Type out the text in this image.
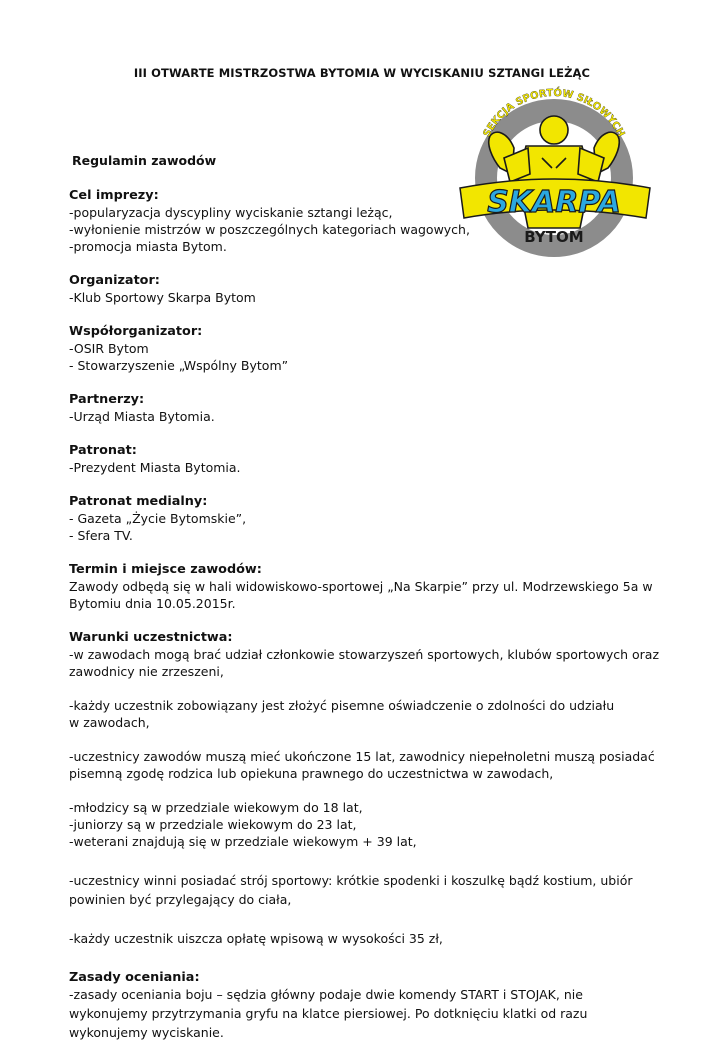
III OTWARTE MISTRZOSTWA BYTOMIA W WYCISKANIU SZTANGI LEŻĄC
Regulamin zawodów
SEKCJA SPORTÓW SIŁOWYCH
SKARPA
BYTOM
Cel imprezy:

-popularyzacja dyscypliny wyciskanie sztangi leżąc,

-wyłonienie mistrzów w poszczególnych kategoriach wagowych,

-promocja miasta Bytom.

Organizator:

-Klub Sportowy Skarpa Bytom

Współorganizator:

-OSIR Bytom

- Stowarzyszenie „Wspólny Bytom”

Partnerzy:

-Urząd Miasta Bytomia.

Patronat:

-Prezydent Miasta Bytomia.

Patronat medialny:

- Gazeta „Życie Bytomskie”,

- Sfera TV.

Termin i miejsce zawodów:

Zawody odbędą się w hali widowiskowo-sportowej „Na Skarpie” przy ul. Modrzewskiego 5a w

Bytomiu dnia 10.05.2015r.

Warunki uczestnictwa:

-w zawodach mogą brać udział członkowie stowarzyszeń sportowych, klubów sportowych oraz

zawodnicy nie zrzeszeni,

-każdy uczestnik zobowiązany jest złożyć pisemne oświadczenie o zdolności do udziału

w zawodach,

-uczestnicy zawodów muszą mieć ukończone 15 lat, zawodnicy niepełnoletni muszą posiadać

pisemną zgodę rodzica lub opiekuna prawnego do uczestnictwa w zawodach,

-młodzicy są w przedziale wiekowym do 18 lat,

-juniorzy są w przedziale wiekowym do 23 lat,

-weterani znajdują się w przedziale wiekowym + 39 lat,

-uczestnicy winni posiadać strój sportowy: krótkie spodenki i koszulkę bądź kostium, ubiór

powinien być przylegający do ciała,

-każdy uczestnik uiszcza opłatę wpisową w wysokości 35 zł,

Zasady oceniania:

-zasady oceniania boju – sędzia główny podaje dwie komendy START i STOJAK, nie

wykonujemy przytrzymania gryfu na klatce piersiowej. Po dotknięciu klatki od razu

wykonujemy wyciskanie.
